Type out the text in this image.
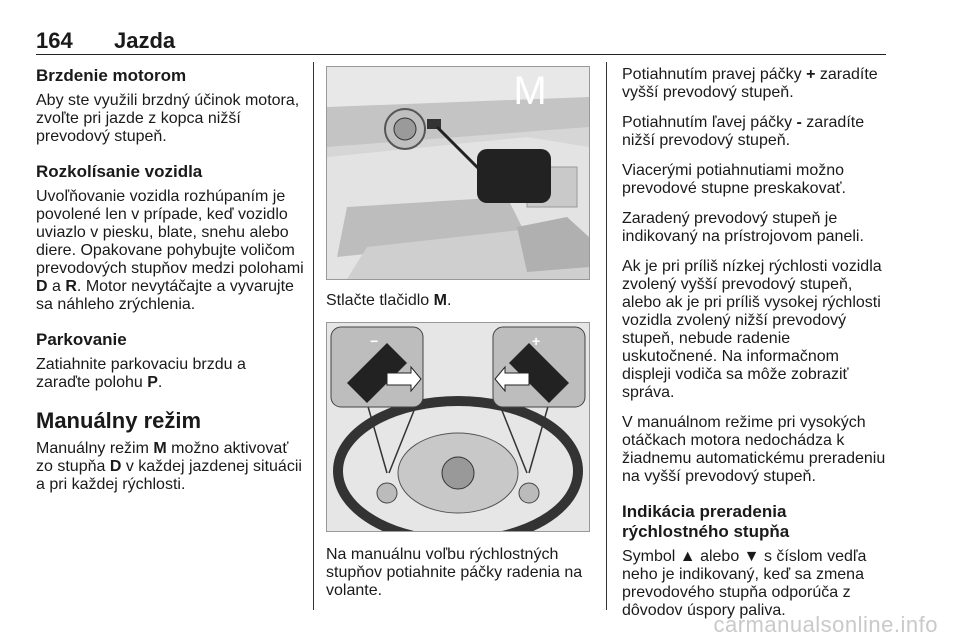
164 Jazda
Brzdenie motorom

Aby ste využili brzdný účinok motora, zvoľte pri jazde z kopca nižší prevodový stupeň.

Rozkolísanie vozidla

Uvoľňovanie vozidla rozhúpaním je povolené len v prípade, keď vozidlo uviazlo v piesku, blate, snehu alebo diere. Opakovane pohybujte voličom prevodových stupňov medzi polohami D a R. Motor nevytáčajte a vyvarujte sa náhleho zrýchlenia.

Parkovanie

Zatiahnite parkovaciu brzdu a zaraďte polohu P.

Manuálny režim

Manuálny režim M možno aktivovať zo stupňa D v každej jazdenej situácii a pri každej rýchlosti.

Stlačte tlačidlo M.

−	+

Na manuálnu voľbu rýchlostných stupňov potiahnite páčky radenia na volante.

Potiahnutím pravej páčky + zaradíte vyšší prevodový stupeň.

Potiahnutím ľavej páčky - zaradíte nižší prevodový stupeň.

Viacerými potiahnutiami možno prevodové stupne preskakovať.

Zaradený prevodový stupeň je indikovaný na prístrojovom paneli.

Ak je pri príliš nízkej rýchlosti vozidla zvolený vyšší prevodový stupeň, alebo ak je pri príliš vysokej rýchlosti vozidla zvolený nižší prevodový stupeň, nebude radenie uskutočnené. Na informačnom displeji vodiča sa môže zobraziť správa.

V manuálnom režime pri vysokých otáčkach motora nedochádza k žiadnemu automatickému preradeniu na vyšší prevodový stupeň.

Indikácia preradenia rýchlostného stupňa

Symbol ▲ alebo ▼ s číslom vedľa neho je indikovaný, keď sa zmena prevodového stupňa odporúča z dôvodov úspory paliva.

carmanualsonline.info
